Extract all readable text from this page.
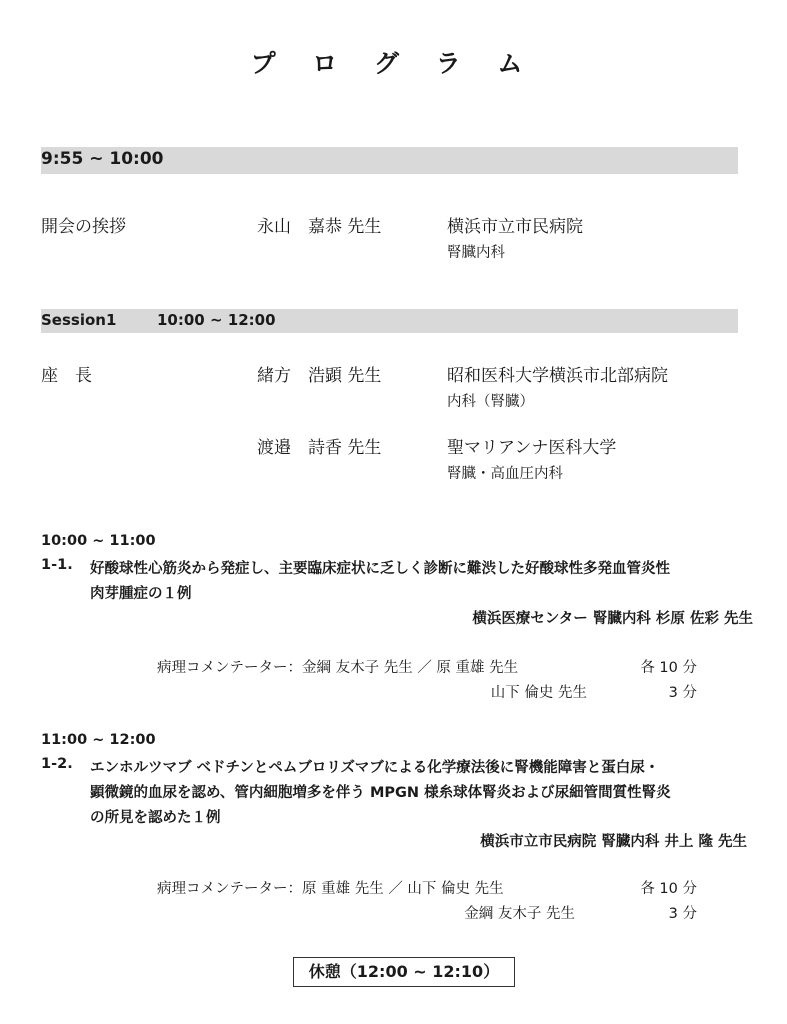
プ ロ グ ラ ム
9:55 ~ 10:00
開会の挨拶	永山　嘉恭 先生	横浜市立市民病院
腎臓内科
Session1	10:00 ~ 12:00
座　長	緒方　浩顕 先生	昭和医科大学横浜市北部病院
内科（腎臓）
渡邉　詩香 先生	聖マリアンナ医科大学
腎臓・高血圧内科
10:00 ~ 11:00
1-1. 好酸球性心筋炎から発症し、主要臨床症状に乏しく診断に難渋した好酸球性多発血管炎性
肉芽腫症の１例
横浜医療センター 腎臓内科 杉原 佐彩 先生
病理コメンテーター：金綱 友木子 先生 ／ 原 重雄 先生	各 10 分
山下 倫史 先生	3 分
11:00 ~ 12:00
1-2. エンホルツマブ ベドチンとペムブロリズマブによる化学療法後に腎機能障害と蛋白尿・
顕微鏡的血尿を認め、管内細胞増多を伴う MPGN 様糸球体腎炎および尿細管間質性腎炎
の所見を認めた１例
横浜市立市民病院 腎臓内科 井上 隆 先生
病理コメンテーター：原 重雄 先生 ／ 山下 倫史 先生	各 10 分
金綱 友木子 先生	3 分
休憩（12:00 ~ 12:10）
